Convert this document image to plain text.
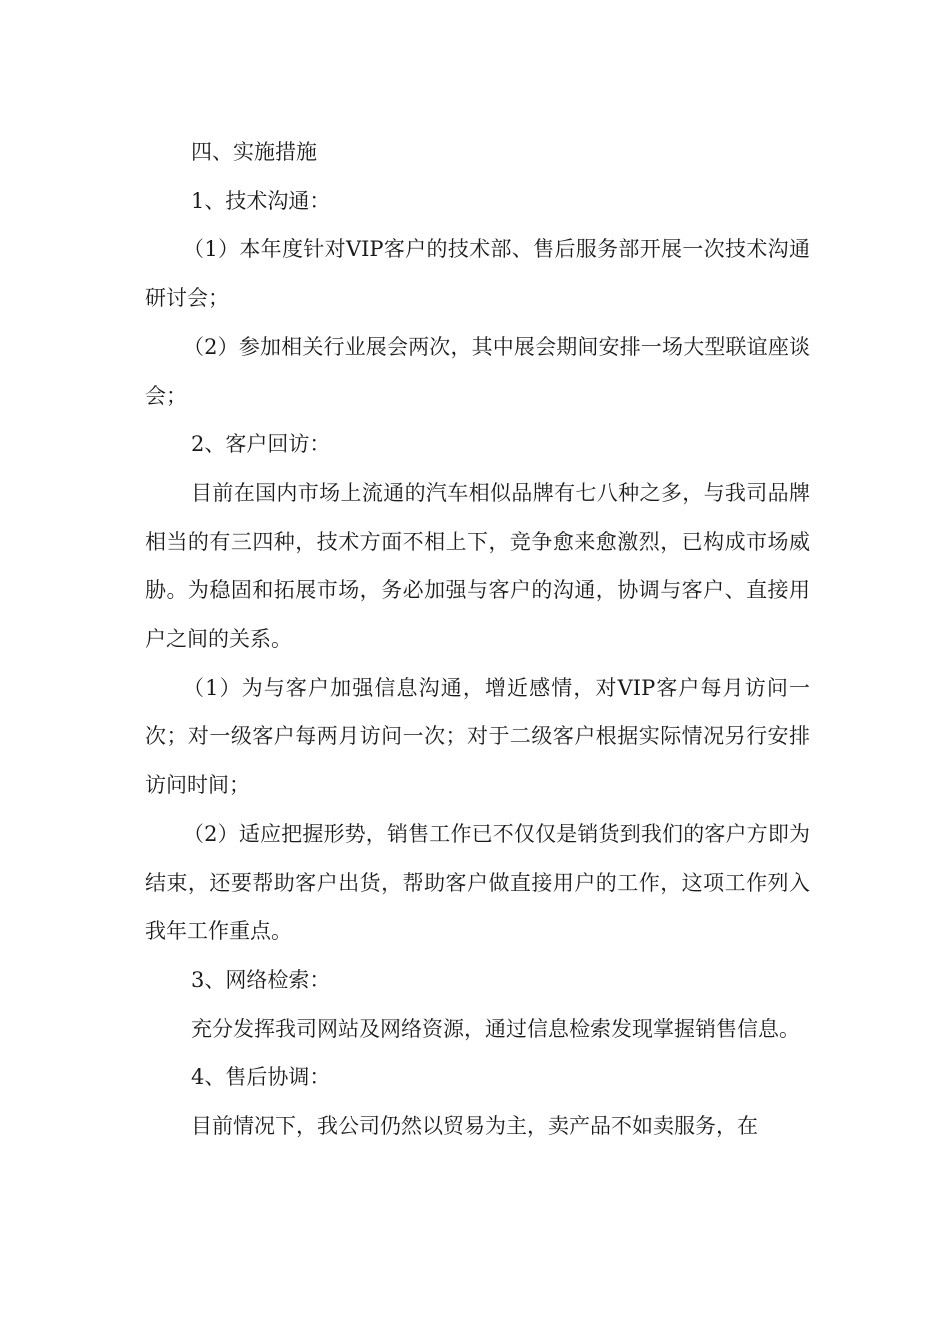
四、实施措施

1、技术沟通：

（1）本年度针对VIP客户的技术部、售后服务部开展一次技术沟通研讨会；

（2）参加相关行业展会两次，其中展会期间安排一场大型联谊座谈会；

2、客户回访：

目前在国内市场上流通的汽车相似品牌有七八种之多，与我司品牌相当的有三四种，技术方面不相上下，竞争愈来愈激烈，已构成市场威胁。为稳固和拓展市场，务必加强与客户的沟通，协调与客户、直接用户之间的关系。

（1）为与客户加强信息沟通，增近感情，对VIP客户每月访问一次；对一级客户每两月访问一次；对于二级客户根据实际情况另行安排访问时间；

（2）适应把握形势，销售工作已不仅仅是销货到我们的客户方即为结束，还要帮助客户出货，帮助客户做直接用户的工作，这项工作列入我年工作重点。

3、网络检索：

充分发挥我司网站及网络资源，通过信息检索发现掌握销售信息。

4、售后协调：

目前情况下，我公司仍然以贸易为主，卖产品不如卖服务，在
